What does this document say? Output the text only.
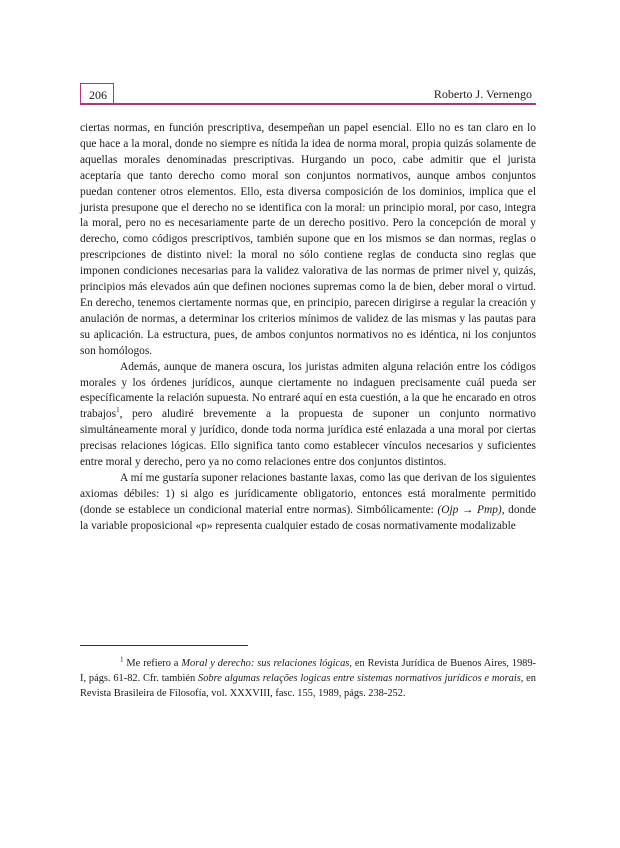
206	Roberto J. Vernengo

ciertas normas, en función prescriptiva, desempeñan un papel esencial. Ello no es tan claro en lo que hace a la moral, donde no siempre es nítida la idea de norma moral, propia quizás solamente de aquellas morales denominadas prescriptivas. Hurgando un poco, cabe admitir que el jurista aceptaría que tanto derecho como moral son conjuntos normativos, aunque ambos conjuntos puedan contener otros elementos. Ello, esta diversa composición de los dominios, implica que el jurista presupone que el derecho no se identifica con la moral: un principio moral, por caso, integra la moral, pero no es necesariamente parte de un derecho positivo. Pero la concepción de moral y derecho, como códigos prescriptivos, también supone que en los mismos se dan normas, reglas o prescripciones de distinto nivel: la moral no sólo contiene reglas de conducta sino reglas que imponen condiciones necesarias para la validez valorativa de las normas de primer nivel y, quizás, principios más elevados aún que definen nociones supremas como la de bien, deber moral o virtud. En derecho, tenemos ciertamente normas que, en principio, parecen dirigirse a regular la creación y anulación de normas, a determinar los criterios mínimos de validez de las mismas y las pautas para su aplicación. La estructura, pues, de ambos conjuntos normativos no es idéntica, ni los conjuntos son homólogos.

Además, aunque de manera oscura, los juristas admiten alguna relación entre los códigos morales y los órdenes jurídicos, aunque ciertamente no indaguen precisamente cuál pueda ser específicamente la relación supuesta. No entraré aquí en esta cuestión, a la que he encarado en otros trabajos$^1$, pero aludiré brevemente a la propuesta de suponer un conjunto normativo simultáneamente moral y jurídico, donde toda norma jurídica esté enlazada a una moral por ciertas precisas relaciones lógicas. Ello significa tanto como establecer vínculos necesarios y suficientes entre moral y derecho, pero ya no como relaciones entre dos conjuntos distintos.

A mí me gustaría suponer relaciones bastante laxas, como las que derivan de los siguientes axiomas débiles: 1) si algo es jurídicamente obligatorio, entonces está moralmente permitido (donde se establece un condicional material entre normas). Simbólicamente: (Ojp → Pmp), donde la variable proposicional «p» representa cualquier estado de cosas normativamente modalizable

$^1$ Me refiero a Moral y derecho: sus relaciones lógicas, en Revista Jurídica de Buenos Aires, 1989-I, págs. 61-82. Cfr. también Sobre algumas relações logicas entre sistemas normativos jurídicos e morais, en Revista Brasileira de Filosofía, vol. XXXVIII, fasc. 155, 1989, págs. 238-252.
